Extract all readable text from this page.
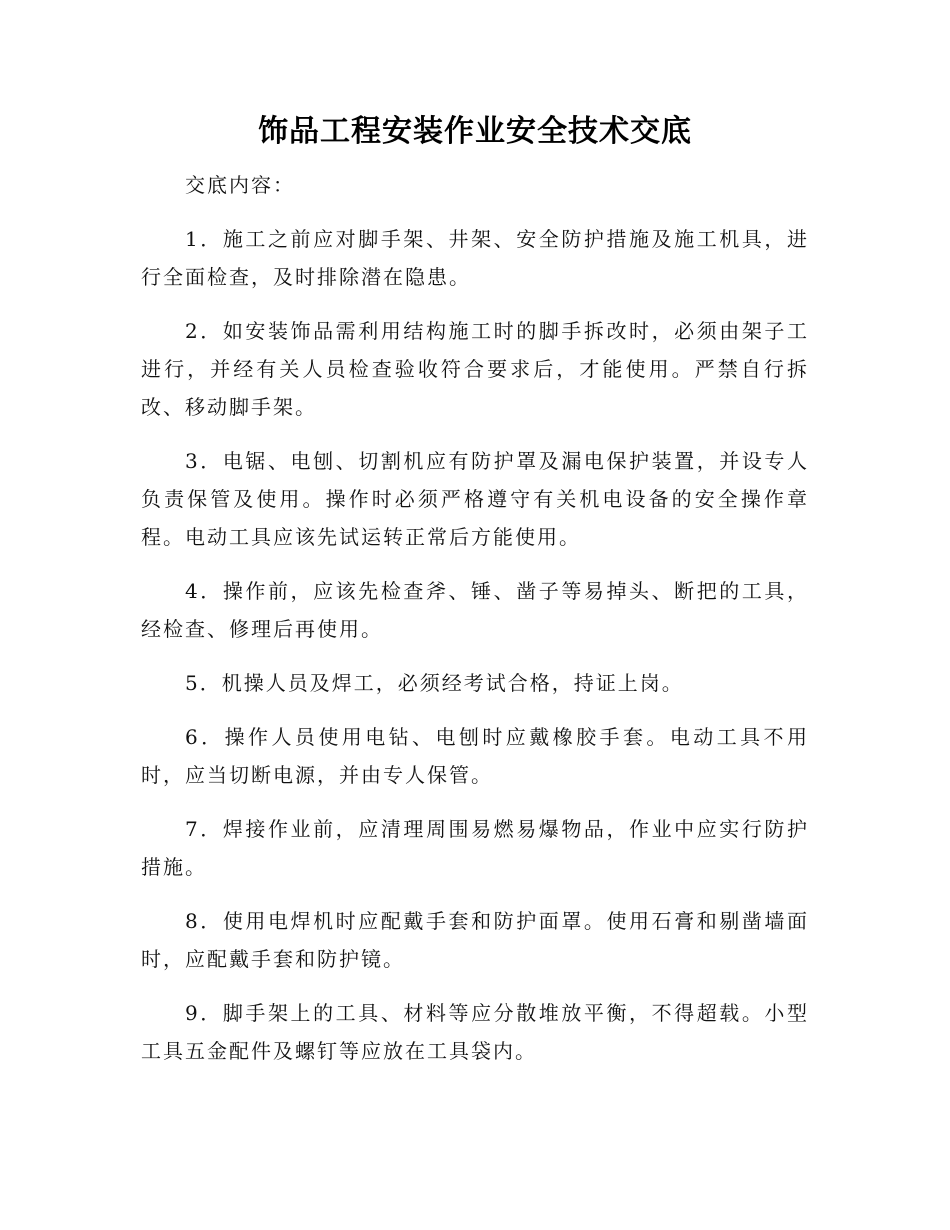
饰品工程安装作业安全技术交底

交底内容：

1．施工之前应对脚手架、井架、安全防护措施及施工机具，进行全面检查，及时排除潜在隐患。

2．如安装饰品需利用结构施工时的脚手拆改时，必须由架子工进行，并经有关人员检查验收符合要求后，才能使用。严禁自行拆改、移动脚手架。

3．电锯、电刨、切割机应有防护罩及漏电保护装置，并设专人负责保管及使用。操作时必须严格遵守有关机电设备的安全操作章程。电动工具应该先试运转正常后方能使用。

4．操作前，应该先检查斧、锤、凿子等易掉头、断把的工具，经检查、修理后再使用。

5．机操人员及焊工，必须经考试合格，持证上岗。

6．操作人员使用电钻、电刨时应戴橡胶手套。电动工具不用时，应当切断电源，并由专人保管。

7．焊接作业前，应清理周围易燃易爆物品，作业中应实行防护措施。

8．使用电焊机时应配戴手套和防护面罩。使用石膏和剔凿墙面时，应配戴手套和防护镜。

9．脚手架上的工具、材料等应分散堆放平衡，不得超载。小型工具五金配件及螺钉等应放在工具袋内。
